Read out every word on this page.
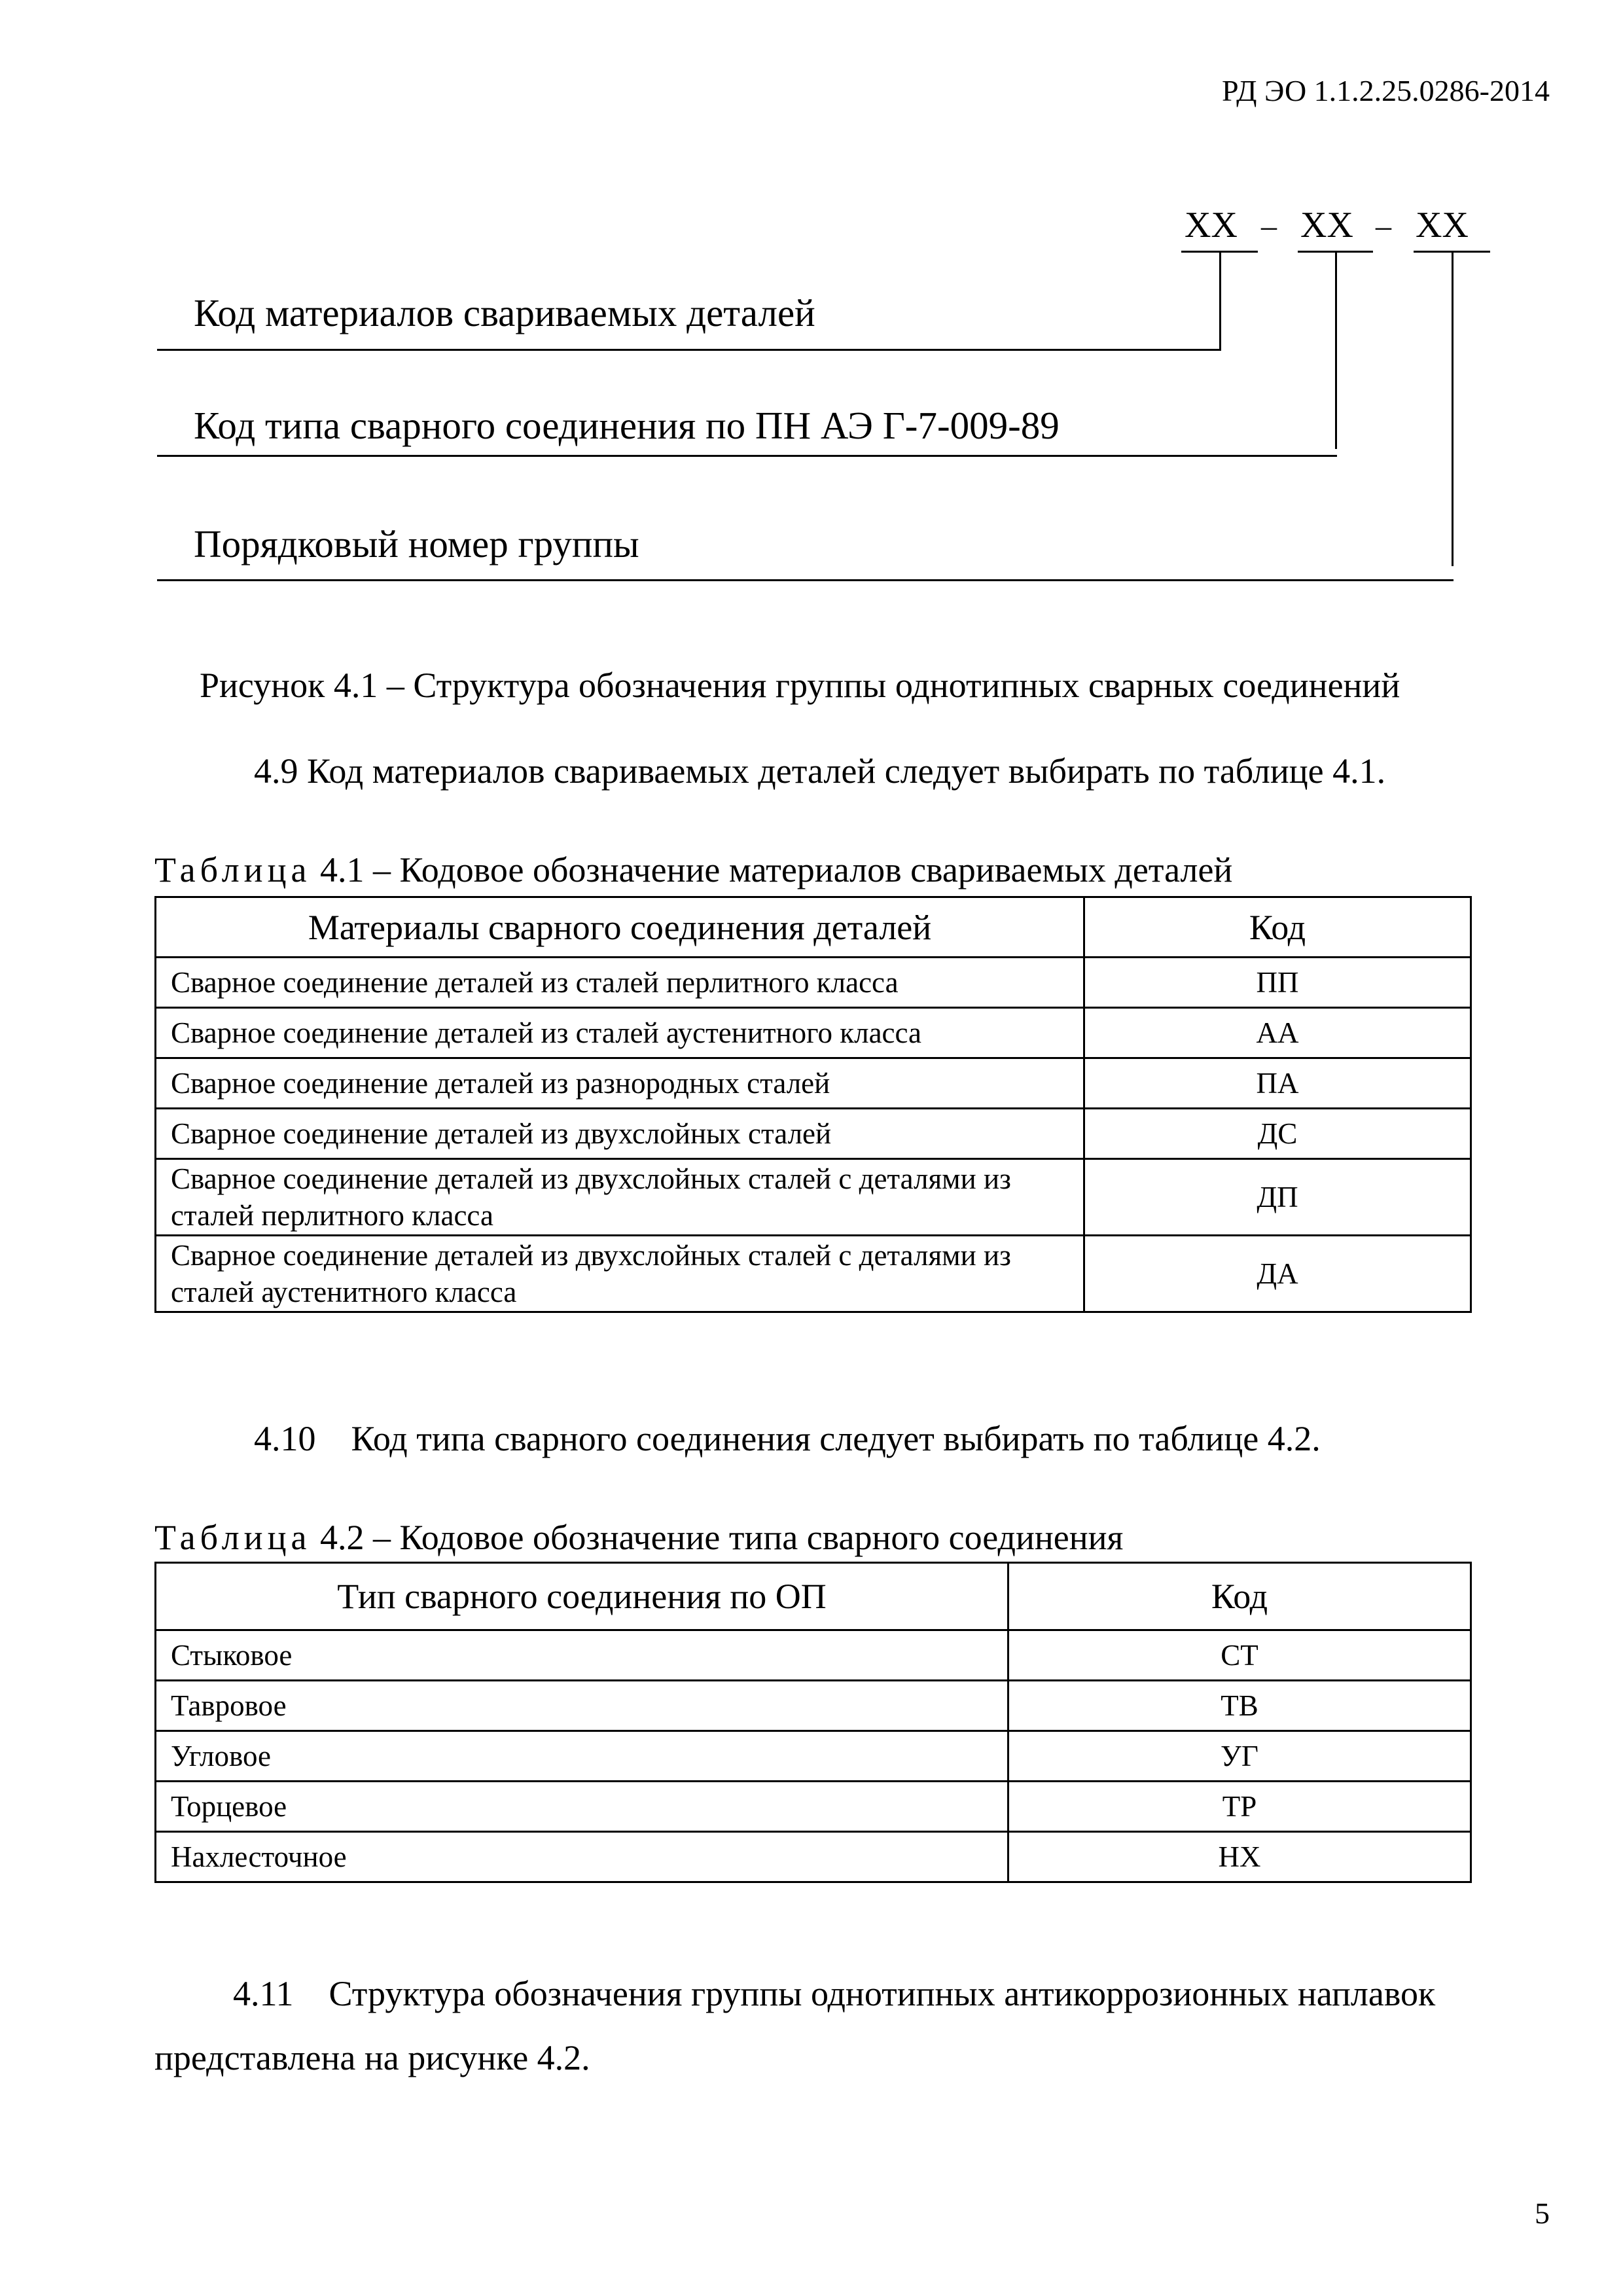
РД ЭО 1.1.2.25.0286-2014
ХХ – ХХ – ХХ
Код материалов свариваемых деталей
Код типа сварного соединения по ПН АЭ Г-7-009-89
Порядковый номер группы
Рисунок 4.1 – Структура обозначения группы однотипных сварных соединений
4.9 Код материалов свариваемых деталей следует выбирать по таблице 4.1.
Таблица 4.1 – Кодовое обозначение материалов свариваемых деталей
Материалы сварного соединения деталей	Код
Сварное соединение деталей из сталей перлитного класса	ПП
Сварное соединение деталей из сталей аустенитного класса	АА
Сварное соединение деталей из разнородных сталей	ПА
Сварное соединение деталей из двухслойных сталей	ДС
Сварное соединение деталей из двухслойных сталей с деталями из сталей перлитного класса	ДП
Сварное соединение деталей из двухслойных сталей с деталями из сталей аустенитного класса	ДА
4.10    Код типа сварного соединения следует выбирать по таблице 4.2.
Таблица 4.2 – Кодовое обозначение типа сварного соединения
Тип сварного соединения по ОП	Код
Стыковое	СТ
Тавровое	ТВ
Угловое	УГ
Торцевое	ТР
Нахлесточное	НХ
4.11    Структура обозначения группы однотипных антикоррозионных наплавок
представлена на рисунке 4.2.
5
